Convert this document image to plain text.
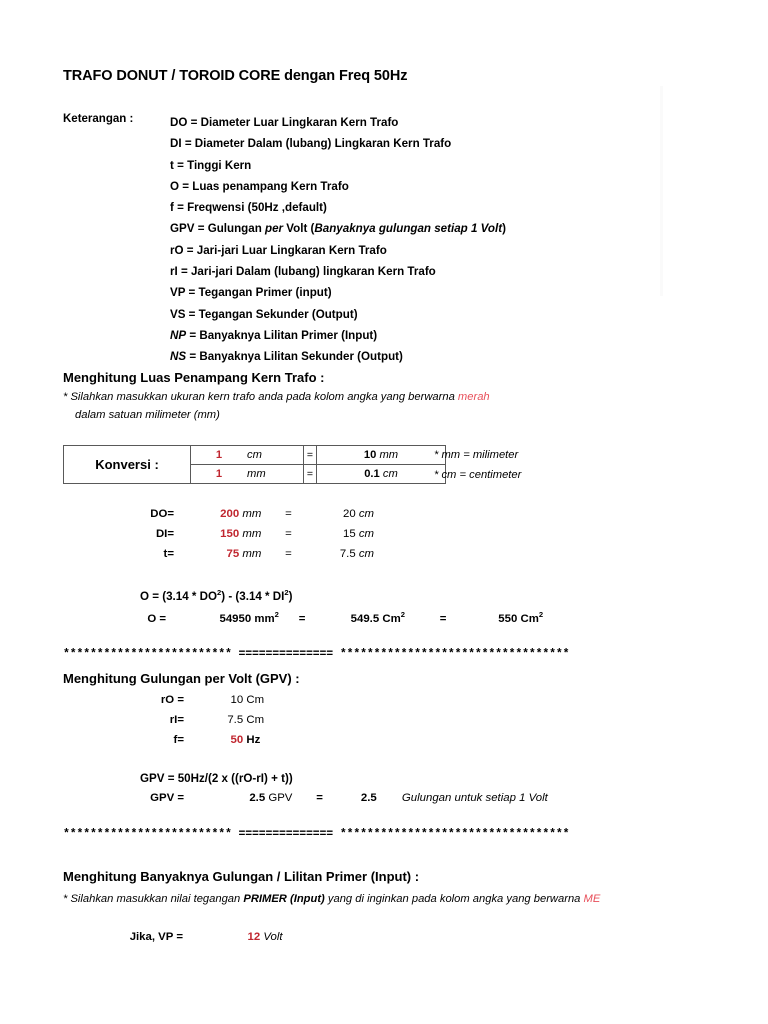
TRAFO DONUT / TOROID CORE dengan Freq 50Hz
Keterangan :	DO = Diameter Luar Lingkaran Kern Trafo
DI = Diameter Dalam (lubang) Lingkaran Kern Trafo
t = Tinggi Kern
O = Luas penampang Kern Trafo
f = Freqwensi (50Hz ,default)
GPV = Gulungan per Volt (Banyaknya gulungan setiap 1 Volt)
rO = Jari-jari Luar Lingkaran Kern Trafo
rI = Jari-jari Dalam (lubang) lingkaran Kern Trafo
VP = Tegangan Primer (input)
VS = Tegangan Sekunder (Output)
NP = Banyaknya Lilitan Primer (Input)
NS = Banyaknya Lilitan Sekunder (Output)
Menghitung Luas Penampang Kern Trafo :
* Silahkan masukkan ukuran kern trafo anda pada kolom angka yang berwarna merah
dalam satuan milimeter (mm)
Konversi :	1 cm	=	10 mm
	1 mm	=	0.1 cm
* mm = milimeter
* cm = centimeter
DO=	200 mm =	20 cm
DI=	150 mm =	15 cm
t=	75 mm =	7.5 cm
$O = (3.14 * DO^2) - (3.14 * DI^2)$
O =	54950 $mm^2$ =	549.5 $Cm^2$	=	550 Cm$^2$
************************* ============== **********************************
Menghitung Gulungan per Volt (GPV) :
rO =	10 Cm
rI=	7.5 Cm
f=	50 Hz
GPV = 50Hz/(2 x ((rO-rI) + t))
GPV =	2.5 GPV =	2.5 Gulungan untuk setiap 1 Volt
************************* ============== **********************************
Menghitung Banyaknya Gulungan / Lilitan Primer (Input) :
* Silahkan masukkan nilai tegangan PRIMER (Input) yang di inginkan pada kolom angka yang berwarna ME
Jika, VP =	12 Volt
